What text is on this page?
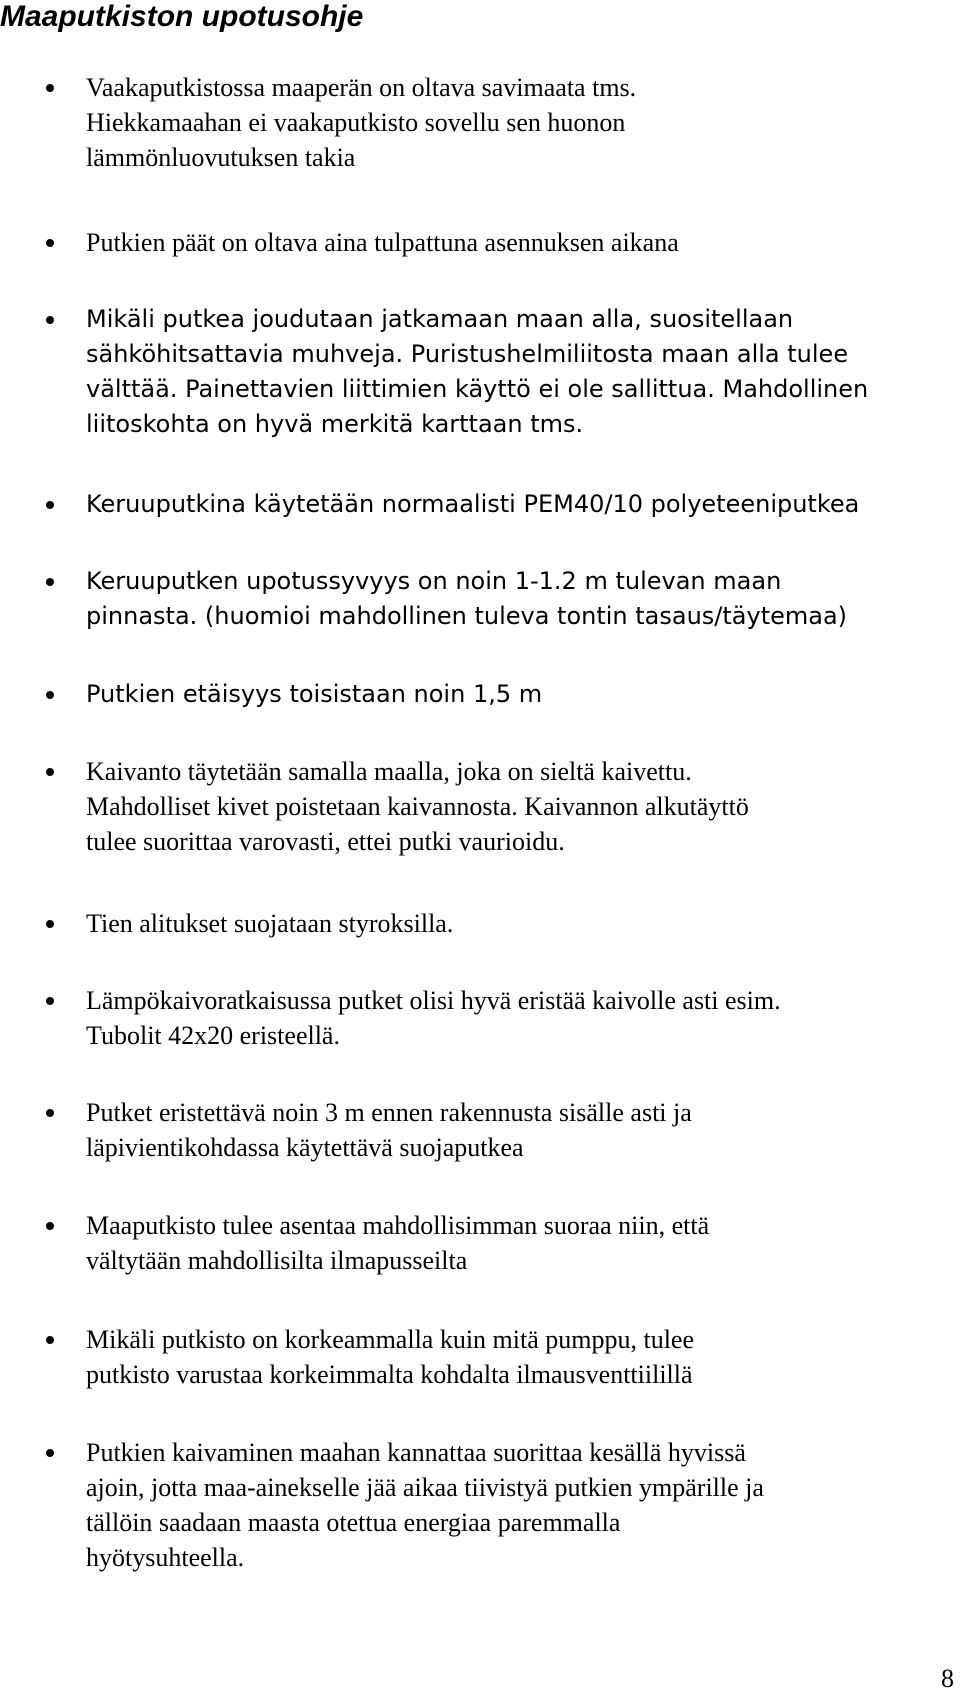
Maaputkiston upotusohje

Vaakaputkistossa maaperän on oltava savimaata tms.
Hiekkamaahan ei vaakaputkisto sovellu sen huonon
lämmönluovutuksen takia

Putkien päät on oltava aina tulpattuna asennuksen aikana

Mikäli putkea joudutaan jatkamaan maan alla, suositellaan
sähköhitsattavia muhveja. Puristushelmiliitosta maan alla tulee
välttää. Painettavien liittimien käyttö ei ole sallittua. Mahdollinen
liitoskohta on hyvä merkitä karttaan tms.

Keruuputkina käytetään normaalisti PEM40/10 polyeteeniputkea

Keruuputken upotussyvyys on noin 1-1.2 m tulevan maan
pinnasta. (huomioi mahdollinen tuleva tontin tasaus/täytemaa)

Putkien etäisyys toisistaan noin 1,5 m

Kaivanto täytetään samalla maalla, joka on sieltä kaivettu.
Mahdolliset kivet poistetaan kaivannosta. Kaivannon alkutäyttö
tulee suorittaa varovasti, ettei putki vaurioidu.

Tien alitukset suojataan styroksilla.

Lämpökaivoratkaisussa putket olisi hyvä eristää kaivolle asti esim.
Tubolit 42x20 eristeellä.

Putket eristettävä noin 3 m ennen rakennusta sisälle asti ja
läpivientikohdassa käytettävä suojaputkea

Maaputkisto tulee asentaa mahdollisimman suoraa niin, että
vältytään mahdollisilta ilmapusseilta

Mikäli putkisto on korkeammalla kuin mitä pumppu, tulee
putkisto varustaa korkeimmalta kohdalta ilmausventtiilillä

Putkien kaivaminen maahan kannattaa suorittaa kesällä hyvissä
ajoin, jotta maa-ainekselle jää aikaa tiivistyä putkien ympärille ja
tällöin saadaan maasta otettua energiaa paremmalla
hyötysuhteella.

8
